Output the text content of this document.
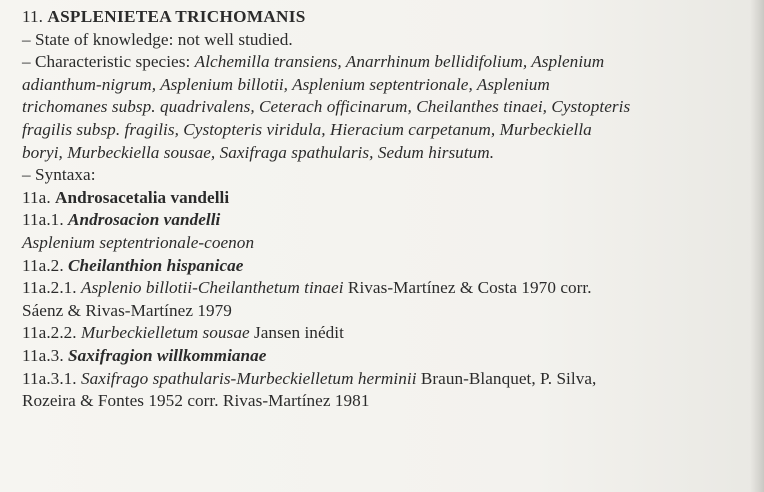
11. ASPLENIETEA TRICHOMANIS
– State of knowledge: not well studied.
– Characteristic species: Alchemilla transiens, Anarrhinum bellidifolium, Asplenium
adianthum-nigrum, Asplenium billotii, Asplenium septentrionale, Asplenium
trichomanes subsp. quadrivalens, Ceterach officinarum, Cheilanthes tinaei, Cystopteris
fragilis subsp. fragilis, Cystopteris viridula, Hieracium carpetanum, Murbeckiella
boryi, Murbeckiella sousae, Saxifraga spathularis, Sedum hirsutum.
– Syntaxa:
11a. Androsacetalia vandelli
11a.1. Androsacion vandelli
Asplenium septentrionale-coenon
11a.2. Cheilanthion hispanicae
11a.2.1. Asplenio billotii-Cheilanthetum tinaei Rivas-Martínez & Costa 1970 corr.
Sáenz & Rivas-Martínez 1979
11a.2.2. Murbeckielletum sousae Jansen inédit
11a.3. Saxifragion willkommianae
11a.3.1. Saxifrago spathularis-Murbeckielletum herminii Braun-Blanquet, P. Silva,
Rozeira & Fontes 1952 corr. Rivas-Martínez 1981
